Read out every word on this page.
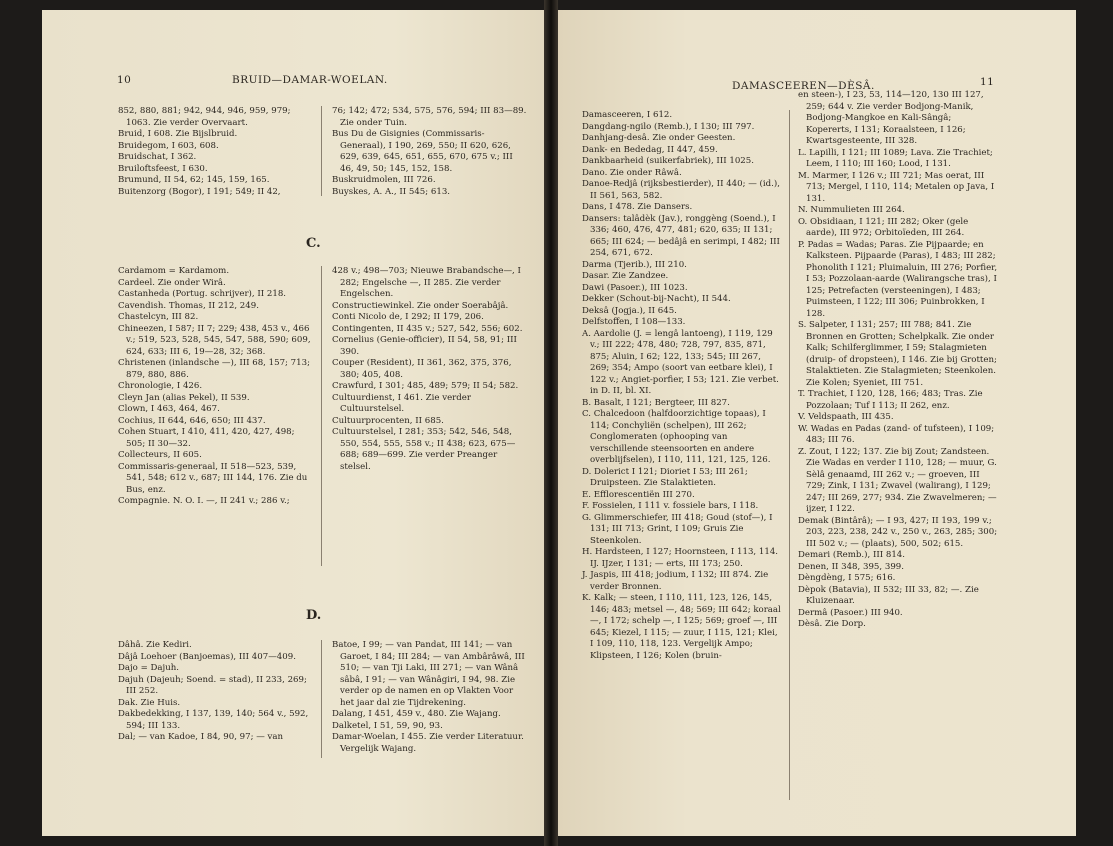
10	BRUID—DAMAR-WOELAN.

852, 880, 881; 942, 944, 946, 959, 979; 1063. Zie verder Overvaart.

Bruid, I 608. Zie Bijslbruid.

Bruidegom, I 603, 608.

Bruidschat, I 362.

Bruiloftsfeest, I 630.

Brumund, II 54, 62; 145, 159, 165.

Buitenzorg (Bogor), I 191; 549; II 42,

76; 142; 472; 534, 575, 576, 594; III 83—89. Zie onder Tuin.

Bus Du de Gisignies (Commissaris-Generaal), I 190, 269, 550; II 620, 626, 629, 639, 645, 651, 655, 670, 675 v.; III 46, 49, 50; 145, 152, 158.

Buskruidmolen, III 726.

Buyskes, A. A., II 545; 613.

C.

Cardamom = Kardamom.

Cardeel. Zie onder Wirâ.

Castanheda (Portug. schrijver), II 218.

Cavendish. Thomas, II 212, 249.

Chastelcyn, III 82.

Chineezen, I 587; II 7; 229; 438, 453 v., 466 v.; 519, 523, 528, 545, 547, 588, 590; 609, 624, 633; III 6, 19—28, 32; 368.

Christenen (inlandsche —), III 68, 157; 713; 879, 880, 886.

Chronologie, I 426.

Cleyn Jan (alias Pekel), II 539.

Clown, I 463, 464, 467.

Cochius, II 644, 646, 650; III 437.

Cohen Stuart, I 410, 411, 420, 427, 498; 505; II 30—32.

Collecteurs, II 605.

Commissaris-generaal, II 518—523, 539, 541, 548; 612 v., 687; III 144, 176. Zie du Bus, enz.

Compagnie. N. O. I. —, II 241 v.; 286 v.;

428 v.; 498—703; Nieuwe Brabandsche—, I 282; Engelsche —, II 285. Zie verder Engelschen.

Constructiewinkel. Zie onder Soerabâjâ.

Conti Nicolo de, I 292; II 179, 206.

Contingenten, II 435 v.; 527, 542, 556; 602.

Cornelius (Genie-officier), II 54, 58, 91; III 390.

Couper (Resident), II 361, 362, 375, 376, 380; 405, 408.

Crawfurd, I 301; 485, 489; 579; II 54; 582.

Cultuurdienst, I 461. Zie verder Cultuurstelsel.

Cultuurprocenten, II 685.

Cultuurstelsel, I 281; 353; 542, 546, 548, 550, 554, 555, 558 v.; II 438; 623, 675—688; 689—699. Zie verder Preanger stelsel.

D.

Dâhâ. Zie Kediri.

Dâjâ Loehoer (Banjoemas), III 407—409.

Dajo = Dajuh.

Dajuh (Dajeuh; Soend. = stad), II 233, 269; III 252.

Dak. Zie Huis.

Dakbedekking, I 137, 139, 140; 564 v., 592, 594; III 133.

Dal; — van Kadoe, I 84, 90, 97; — van

Batoe, I 99; — van Pandat, III 141; — van Garoet, I 84; III 284; — van Ambârâwâ, III 510; — van Tji Laki, III 271; — van Wânâ sâbâ, I 91; — van Wânâgiri, I 94, 98. Zie verder op de namen en op Vlakten Voor het jaar dal zie Tijdrekening.

Dalang, I 451, 459 v., 480. Zie Wajang.

Dalketel, I 51, 59, 90, 93.

Damar-Woelan, I 455. Zie verder Literatuur. Vergelijk Wajang.

DAMASCEEREN—DÈSÂ.	11

Damasceeren, I 612.

Dangdang-ngilo (Remb.), I 130; III 797.

Danhjang-desâ. Zie onder Geesten.

Dank- en Bededag, II 447, 459.

Dankbaarheid (suikerfabriek), III 1025.

Dano. Zie onder Râwâ.

Danoe-Redjâ (rijksbestierder), II 440; — (id.), II 561, 563, 582.

Dans, I 478. Zie Dansers.

Dansers: talâdèk (Jav.), ronggèng (Soend.), I 336; 460, 476, 477, 481; 620, 635; II 131; 665; III 624; — bedâjâ en serimpi, I 482; III 254, 671, 672.

Darma (Tjerib.), III 210.

Dasar. Zie Zandzee.

Dawi (Pasoer.), III 1023.

Dekker (Schout-bij-Nacht), II 544.

Deksâ (Jogja.), II 645.

Delfstoffen, I 108—133.

A. Aardolie (J. = lengâ lantoeng), I 119, 129 v.; III 222; 478, 480; 728, 797, 835, 871, 875; Aluin, I 62; 122, 133; 545; III 267, 269; 354; Ampo (soort van eetbare klei), I 122 v.; Angiet-porfier, I 53; 121. Zie verbet. in D. II, bl. XI.

B. Basalt, I 121; Bergteer, III 827.

C. Chalcedoon (halfdoorzichtige topaas), I 114; Conchyliën (schelpen), III 262; Conglomeraten (ophooping van verschillende steensoorten en andere overblijfselen), I 110, 111, 121, 125, 126.

D. Dolerict I 121; Dioriet I 53; III 261; Druipsteen. Zie Stalaktieten.

E. Efflorescentiën III 270.

F. Fossielen, I 111 v. fossiele bars, I 118.

G. Glimmerschiefer, III 418; Goud (stof—), I 131; III 713; Grint, I 109; Gruis Zie Steenkolen.

H. Hardsteen, I 127; Hoornsteen, I 113, 114. IJ. IJzer, I 131; — erts, III 173; 250.

J. Jaspis, III 418; jodium, I 132; III 874. Zie verder Bronnen.

K. Kalk; — steen, I 110, 111, 123, 126, 145, 146; 483; metsel —, 48; 569; III 642; koraal —, I 172; schelp —, I 125; 569; groef —, III 645; Kiezel, I 115; — zuur, I 115, 121; Klei, I 109, 110, 118, 123. Vergelijk Ampo; Klipsteen, I 126; Kolen (bruin-

en steen-), I 23, 53, 114—120, 130 III 127, 259; 644 v. Zie verder Bodjong-Manik, Bodjong-Mangkoe en Kali-Sângâ; Kopererts, I 131; Koraalsteen, I 126; Kwartsgesteente, III 328.

L. Lapilli, I 121; III 1089; Lava. Zie Trachiet; Leem, I 110; III 160; Lood, I 131.

M. Marmer, I 126 v.; III 721; Mas oerat, III 713; Mergel, I 110, 114; Metalen op Java, I 131.

N. Nummulieten III 264.

O. Obsidiaan, I 121; III 282; Oker (gele aarde), III 972; Orbitoïeden, III 264.

P. Padas = Wadas; Paras. Zie Pijpaarde; en Kalksteen. Pijpaarde (Paras), I 483; III 282; Phonolith I 121; Pluimaluin, III 276; Porfier, I 53; Pozzolaan-aarde (Walirangsche tras), I 125; Petrefacten (versteeningen), I 483; Puimsteen, I 122; III 306; Puinbrokken, I 128.

S. Salpeter, I 131; 257; III 788; 841. Zie Bronnen en Grotten; Schelpkalk. Zie onder Kalk; Schilferglimmer, I 59; Stalagmieten (druip- of dropsteen), I 146. Zie bij Grotten; Stalaktieten. Zie Stalagmieten; Steenkolen. Zie Kolen; Syeniet, III 751.

T. Trachiet, I 120, 128, 166; 483; Tras. Zie Pozzolaan; Tuf I 113; II 262, enz.

V. Veldspaath, III 435.

W. Wadas en Padas (zand- of tufsteen), I 109; 483; III 76.

Z. Zout, I 122; 137. Zie bij Zout; Zandsteen. Zie Wadas en verder I 110, 128; — muur, G. Sèlâ genaamd, III 262 v.; — groeven, III 729; Zink, I 131; Zwavel (walirang), I 129; 247; III 269, 277; 934. Zie Zwavelmeren; — ijzer, I 122.

Demak (Bintârâ); — I 93, 427; II 193, 199 v.; 203, 223, 238, 242 v., 250 v., 263, 285; 300; III 502 v.; — (plaats), 500, 502; 615.

Demari (Remb.), III 814.

Denen, II 348, 395, 399.

Dèngdèng, I 575; 616.

Dèpok (Batavia), II 532; III 33, 82; —. Zie Kluizenaar.

Dermâ (Pasoer.) III 940.

Dèsâ. Zie Dorp.
